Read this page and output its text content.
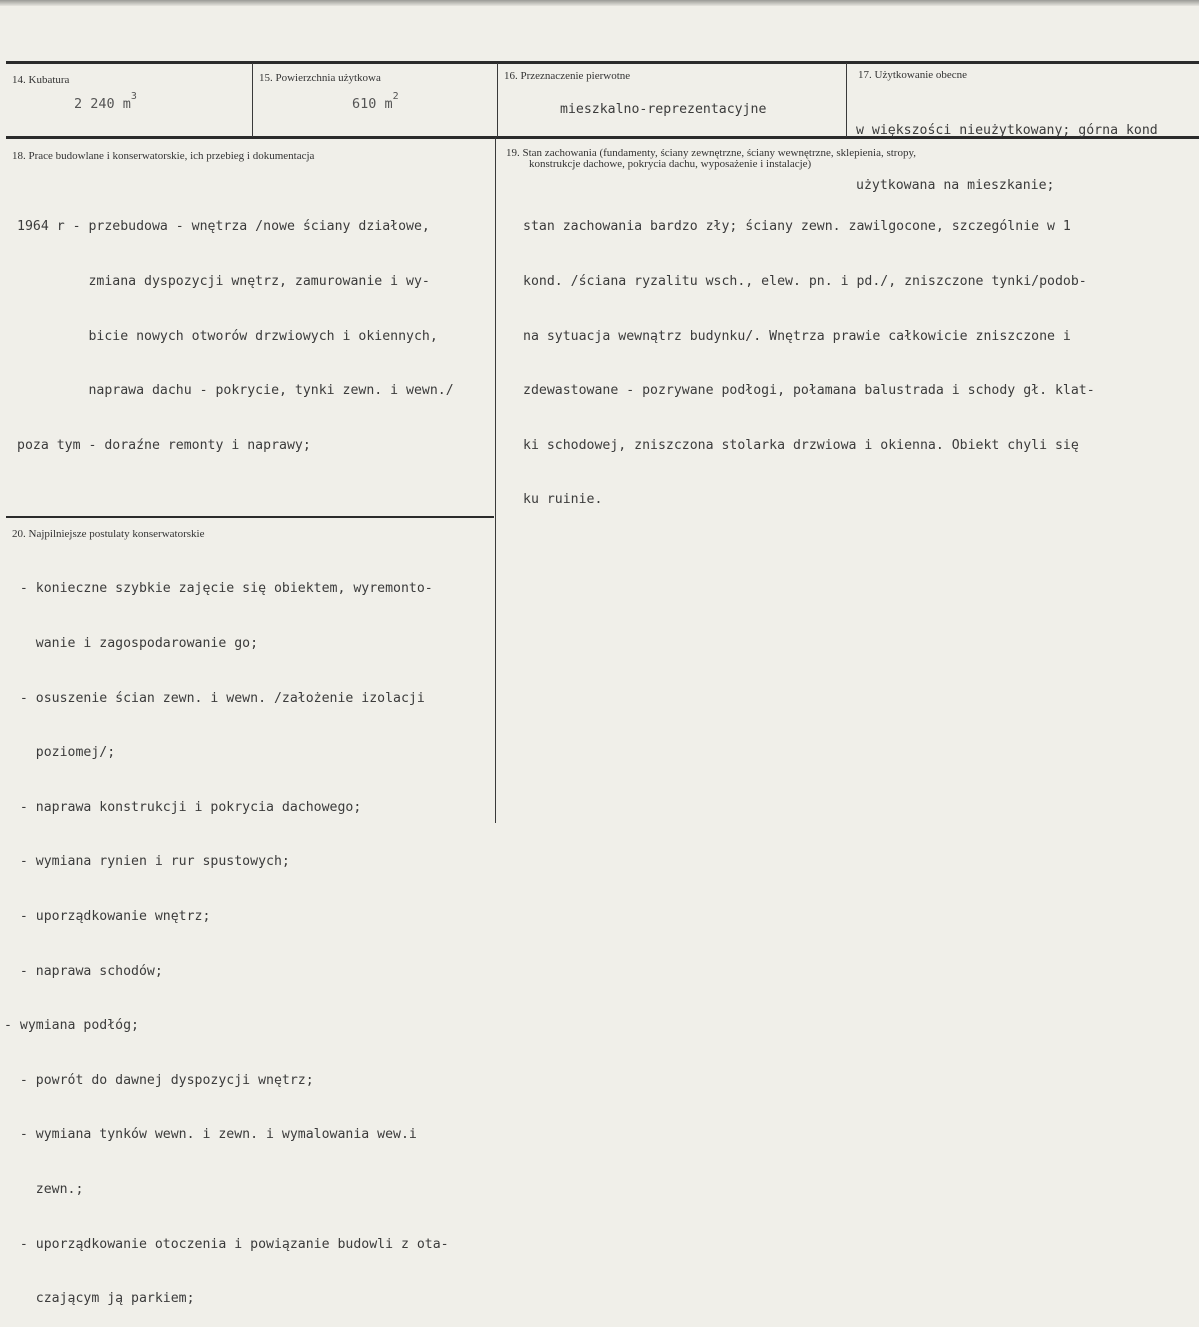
14. Kubatura
2 240 $m^3$
15. Powierzchnia użytkowa
610 $m^2$
16. Przeznaczenie pierwotne
mieszkalno-reprezentacyjne
17. Użytkowanie obecne

w większości nieużytkowany; górna kond

użytkowana na mieszkanie;

18. Prace budowlane i konserwatorskie, ich przebieg i dokumentacja

1964 r - przebudowa - wnętrza /nowe ściany działowe,

zmiana dyspozycji wnętrz, zamurowanie i wy-

bicie nowych otworów drzwiowych i okiennych,

naprawa dachu - pokrycie, tynki zewn. i wewn./

poza tym - doraźne remonty i naprawy;

19. Stan zachowania (fundamenty, ściany zewnętrzne, ściany wewnętrzne, sklepienia, stropy,
konstrukcje dachowe, pokrycia dachu, wyposażenie i instalacje)

stan zachowania bardzo zły; ściany zewn. zawilgocone, szczególnie w 1

kond. /ściana ryzalitu wsch., elew. pn. i pd./, zniszczone tynki/podob-

na sytuacja wewnątrz budynku/. Wnętrza prawie całkowicie zniszczone i

zdewastowane - pozrywane podłogi, połamana balustrada i schody gł. klat-

ki schodowej, zniszczona stolarka drzwiowa i okienna. Obiekt chyli się

ku ruinie.

20. Najpilniejsze postulaty konserwatorskie

- konieczne szybkie zajęcie się obiektem, wyremonto-

wanie i zagospodarowanie go;

- osuszenie ścian zewn. i wewn. /założenie izolacji

poziomej/;

- naprawa konstrukcji i pokrycia dachowego;

- wymiana rynien i rur spustowych;

- uporządkowanie wnętrz;

- naprawa schodów;

- wymiana podłóg;

- powrót do dawnej dyspozycji wnętrz;

- wymiana tynków wewn. i zewn. i wymalowania wew.i

zewn.;

- uporządkowanie otoczenia i powiązanie budowli z ota-

czającym ją parkiem;
